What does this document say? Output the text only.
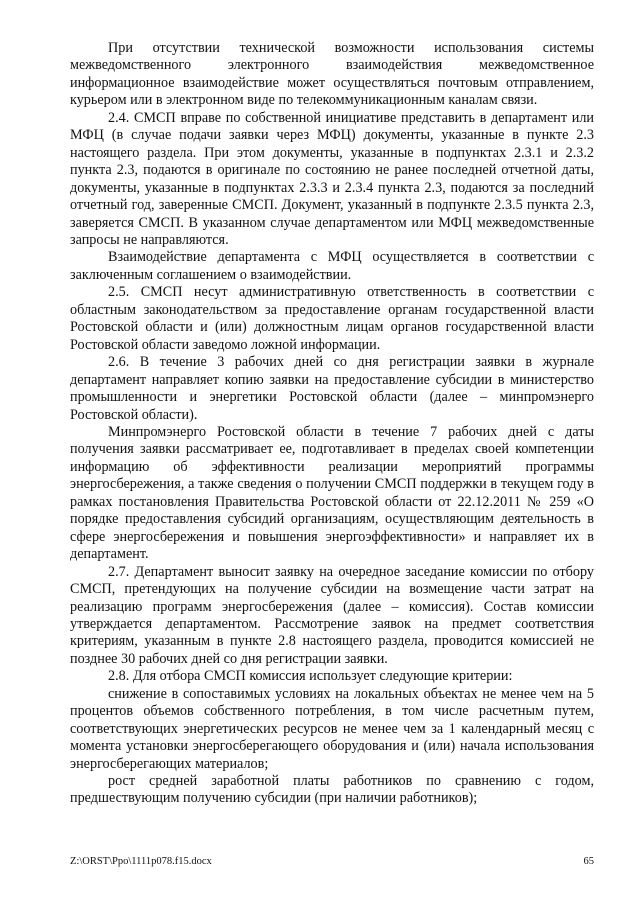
При отсутствии технической возможности использования системы межведомственного электронного взаимодействия межведомственное информационное взаимодействие может осуществляться почтовым отправлением, курьером или в электронном виде по телекоммуникационным каналам связи.

2.4. СМСП вправе по собственной инициативе представить в департамент или МФЦ (в случае подачи заявки через МФЦ) документы, указанные в пункте 2.3 настоящего раздела. При этом документы, указанные в подпунктах 2.3.1 и 2.3.2 пункта 2.3, подаются в оригинале по состоянию не ранее последней отчетной даты, документы, указанные в подпунктах 2.3.3 и 2.3.4 пункта 2.3, подаются за последний отчетный год, заверенные СМСП. Документ, указанный в подпункте 2.3.5 пункта 2.3, заверяется СМСП. В указанном случае департаментом или МФЦ межведомственные запросы не направляются.

Взаимодействие департамента с МФЦ осуществляется в соответствии с заключенным соглашением о взаимодействии.

2.5. СМСП несут административную ответственность в соответствии с областным законодательством за предоставление органам государственной власти Ростовской области и (или) должностным лицам органов государственной власти Ростовской области заведомо ложной информации.

2.6. В течение 3 рабочих дней со дня регистрации заявки в журнале департамент направляет копию заявки на предоставление субсидии в министерство промышленности и энергетики Ростовской области (далее – минпромэнерго Ростовской области).

Минпромэнерго Ростовской области в течение 7 рабочих дней с даты получения заявки рассматривает ее, подготавливает в пределах своей компетенции информацию об эффективности реализации мероприятий программы энергосбережения, а также сведения о получении СМСП поддержки в текущем году в рамках постановления Правительства Ростовской области от 22.12.2011 № 259 «О порядке предоставления субсидий организациям, осуществляющим деятельность в сфере энергосбережения и повышения энергоэффективности» и направляет их в департамент.

2.7. Департамент выносит заявку на очередное заседание комиссии по отбору СМСП, претендующих на получение субсидии на возмещение части затрат на реализацию программ энергосбережения (далее – комиссия). Состав комиссии утверждается департаментом. Рассмотрение заявок на предмет соответствия критериям, указанным в пункте 2.8 настоящего раздела, проводится комиссией не позднее 30 рабочих дней со дня регистрации заявки.

2.8. Для отбора СМСП комиссия использует следующие критерии:

снижение в сопоставимых условиях на локальных объектах не менее чем на 5 процентов объемов собственного потребления, в том числе расчетным путем, соответствующих энергетических ресурсов не менее чем за 1 календарный месяц с момента установки энергосберегающего оборудования и (или) начала использования энергосберегающих материалов;

рост средней заработной платы работников по сравнению с годом, предшествующим получению субсидии (при наличии работников);

Z:\ORST\Ppo\1111p078.f15.docx	65
